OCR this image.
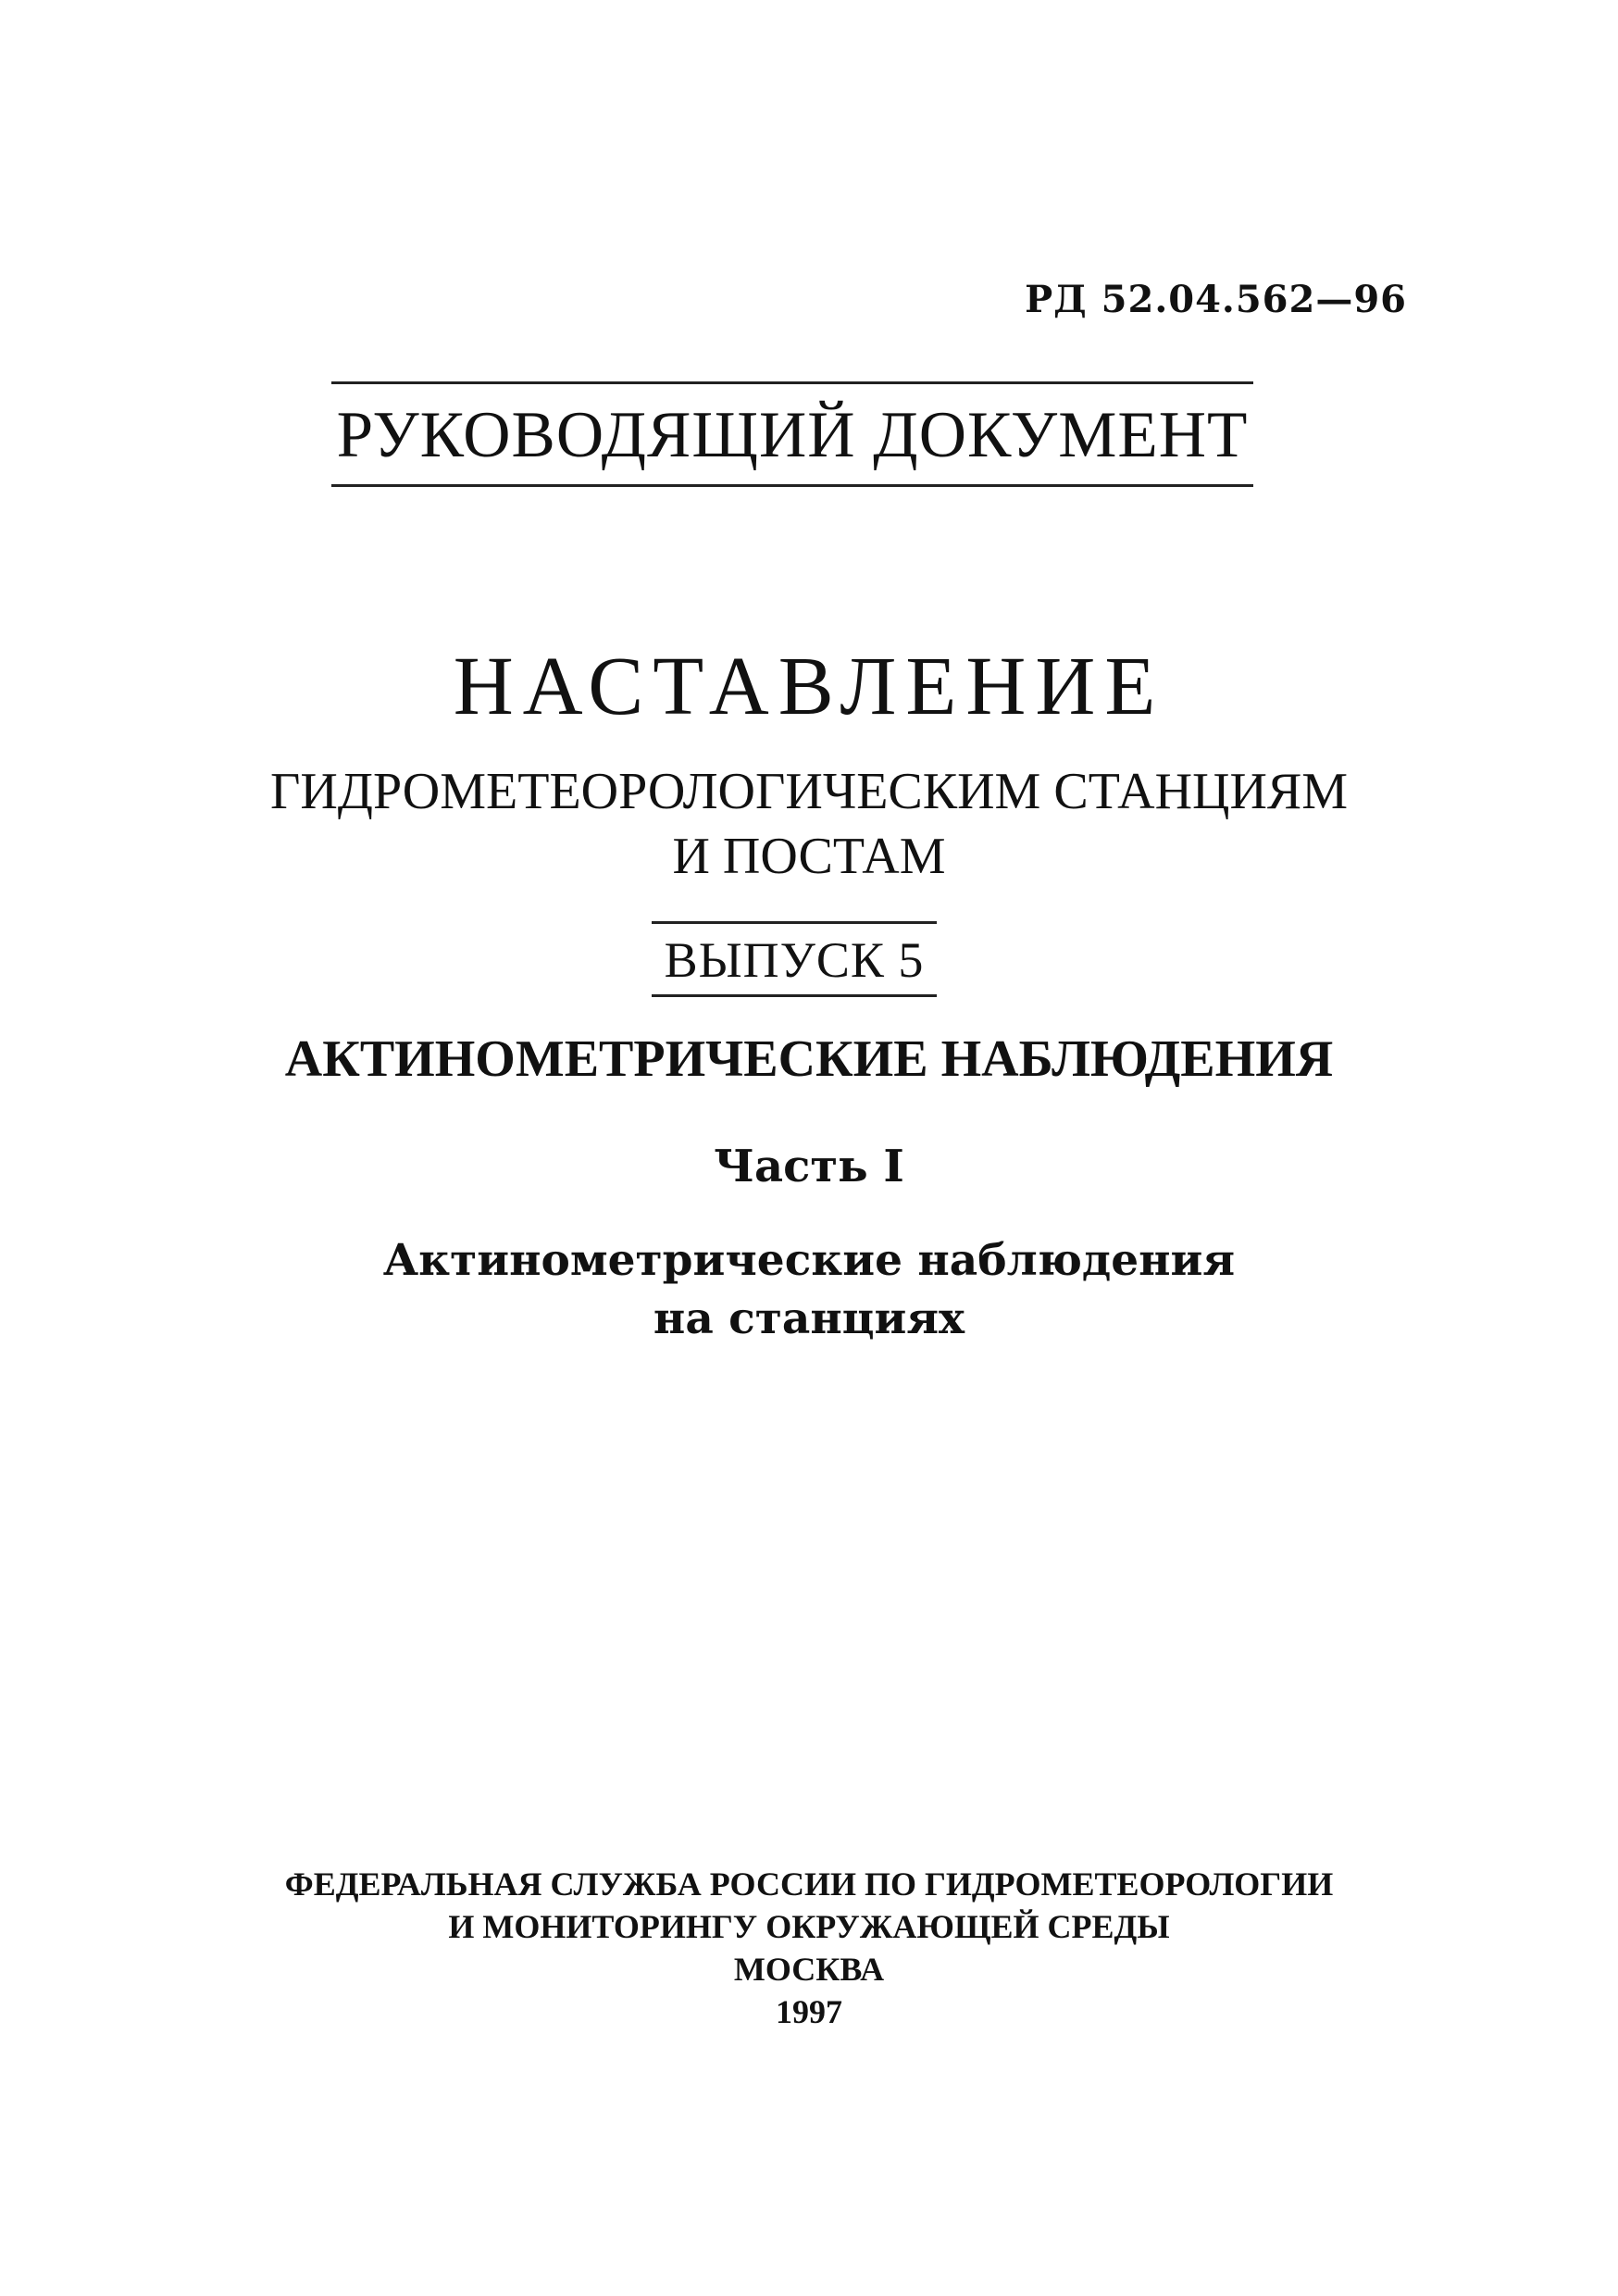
РД 52.04.562—96
РУКОВОДЯЩИЙ ДОКУМЕНТ
НАСТАВЛЕНИЕ
ГИДРОМЕТЕОРОЛОГИЧЕСКИМ СТАНЦИЯМ
И ПОСТАМ
ВЫПУСК 5
АКТИНОМЕТРИЧЕСКИЕ НАБЛЮДЕНИЯ
Часть I
Актинометрические наблюдения
на станциях
ФЕДЕРАЛЬНАЯ СЛУЖБА РОССИИ ПО ГИДРОМЕТЕОРОЛОГИИ
И МОНИТОРИНГУ ОКРУЖАЮЩЕЙ СРЕДЫ
МОСКВА
1997
